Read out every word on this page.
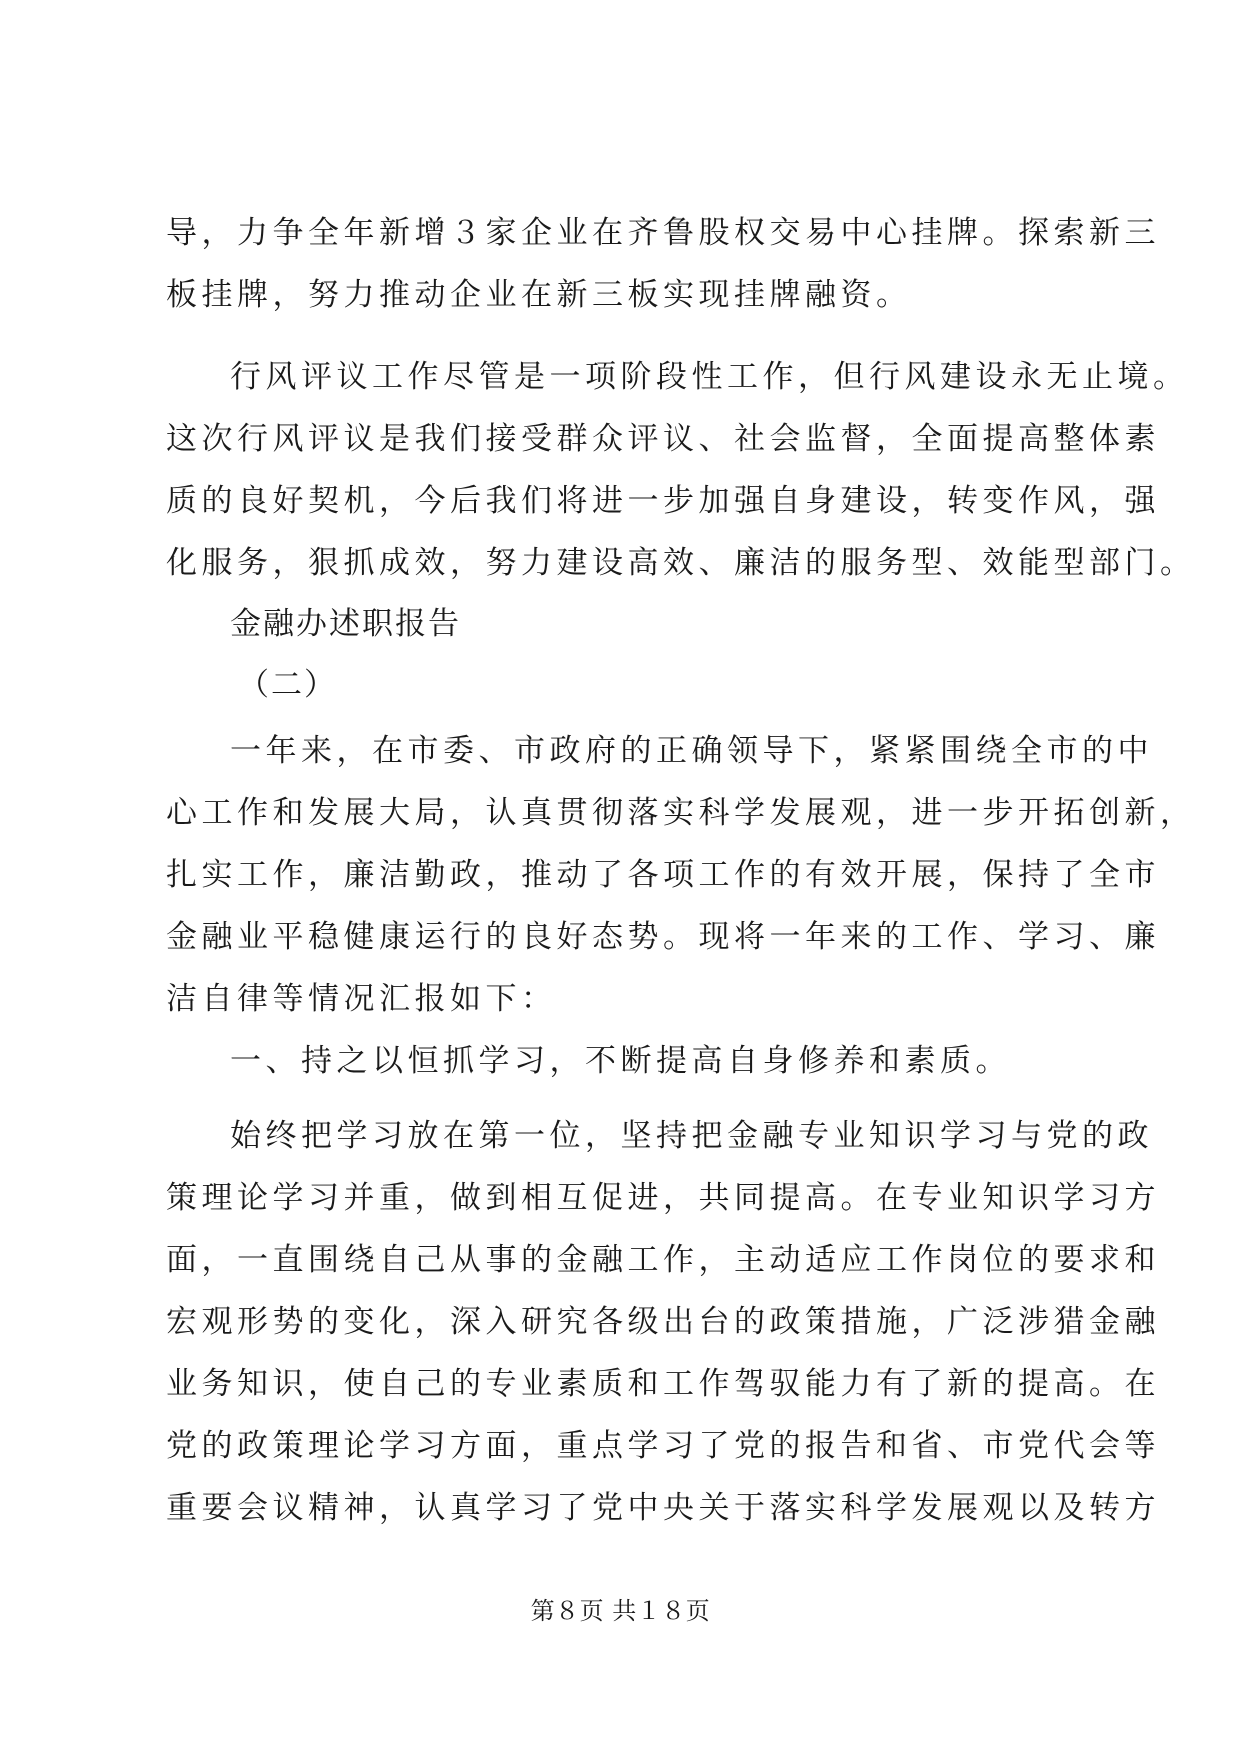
导，力争全年新增３家企业在齐鲁股权交易中心挂牌。探索新三
板挂牌，努力推动企业在新三板实现挂牌融资。
行风评议工作尽管是一项阶段性工作，但行风建设永无止境。
这次行风评议是我们接受群众评议、社会监督，全面提高整体素
质的良好契机，今后我们将进一步加强自身建设，转变作风，强
化服务，狠抓成效，努力建设高效、廉洁的服务型、效能型部门。
金融办述职报告
（二）
一年来，在市委、市政府的正确领导下，紧紧围绕全市的中
心工作和发展大局，认真贯彻落实科学发展观，进一步开拓创新，
扎实工作，廉洁勤政，推动了各项工作的有效开展，保持了全市
金融业平稳健康运行的良好态势。现将一年来的工作、学习、廉
洁自律等情况汇报如下：
一、持之以恒抓学习，不断提高自身修养和素质。
始终把学习放在第一位，坚持把金融专业知识学习与党的政
策理论学习并重，做到相互促进，共同提高。在专业知识学习方
面，一直围绕自己从事的金融工作，主动适应工作岗位的要求和
宏观形势的变化，深入研究各级出台的政策措施，广泛涉猎金融
业务知识，使自己的专业素质和工作驾驭能力有了新的提高。在
党的政策理论学习方面，重点学习了党的报告和省、市党代会等
重要会议精神，认真学习了党中央关于落实科学发展观以及转方
第８页 共１８页
